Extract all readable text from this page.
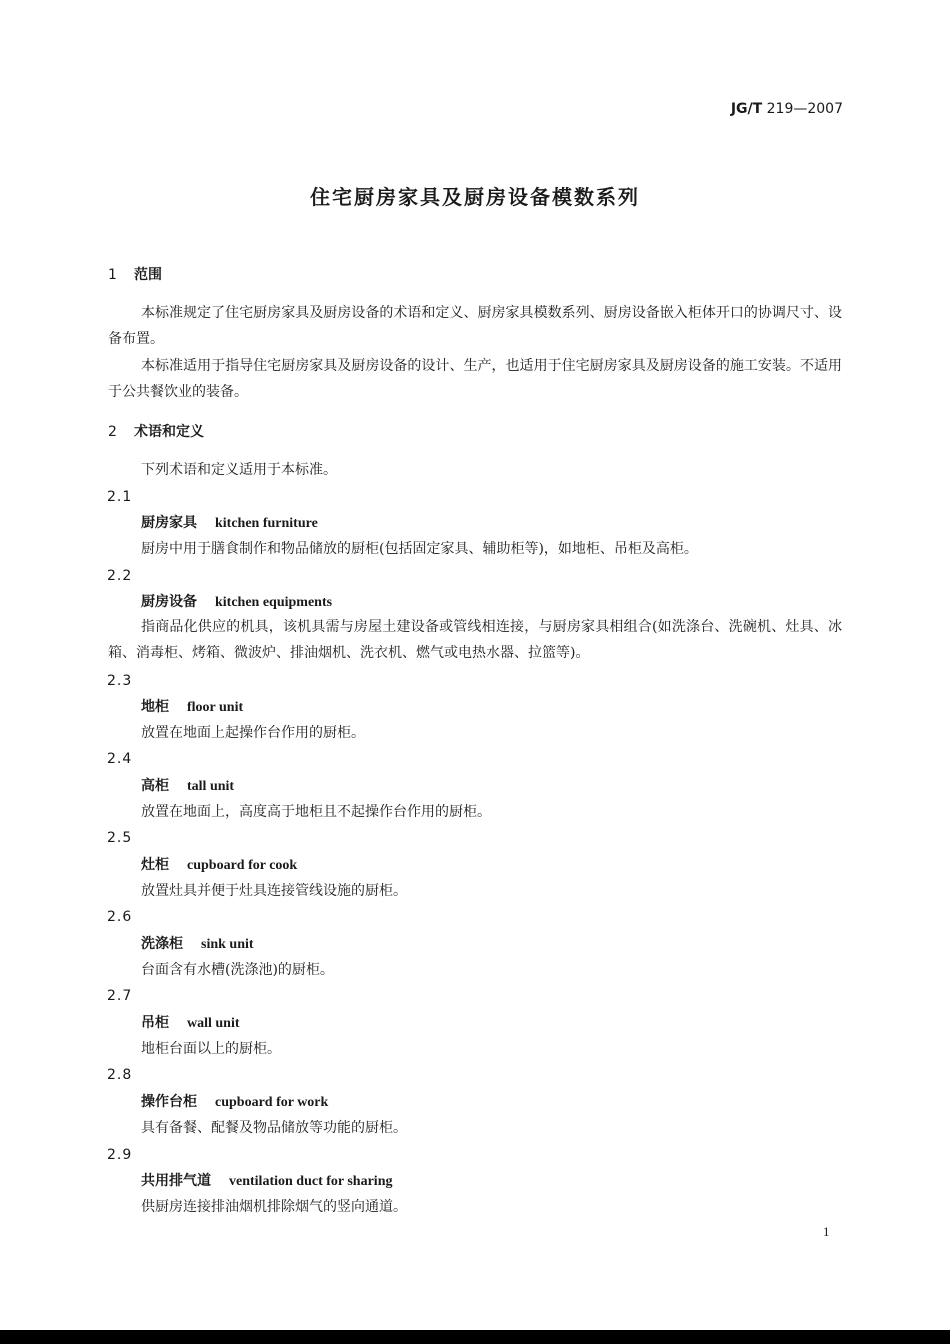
JG/T 219—2007
住宅厨房家具及厨房设备模数系列
1 范围
本标准规定了住宅厨房家具及厨房设备的术语和定义、厨房家具模数系列、厨房设备嵌入柜体开口的协调尺寸、设备布置。
本标准适用于指导住宅厨房家具及厨房设备的设计、生产，也适用于住宅厨房家具及厨房设备的施工安装。不适用于公共餐饮业的装备。
2 术语和定义
下列术语和定义适用于本标准。
2.1
厨房家具 kitchen furniture
厨房中用于膳食制作和物品储放的厨柜(包括固定家具、辅助柜等)，如地柜、吊柜及高柜。
2.2
厨房设备 kitchen equipments
指商品化供应的机具，该机具需与房屋土建设备或管线相连接，与厨房家具相组合(如洗涤台、洗碗机、灶具、冰箱、消毒柜、烤箱、微波炉、排油烟机、洗衣机、燃气或电热水器、拉篮等)。
2.3
地柜 floor unit
放置在地面上起操作台作用的厨柜。
2.4
高柜 tall unit
放置在地面上，高度高于地柜且不起操作台作用的厨柜。
2.5
灶柜 cupboard for cook
放置灶具并便于灶具连接管线设施的厨柜。
2.6
洗涤柜 sink unit
台面含有水槽(洗涤池)的厨柜。
2.7
吊柜 wall unit
地柜台面以上的厨柜。
2.8
操作台柜 cupboard for work
具有备餐、配餐及物品储放等功能的厨柜。
2.9
共用排气道 ventilation duct for sharing
供厨房连接排油烟机排除烟气的竖向通道。
1
